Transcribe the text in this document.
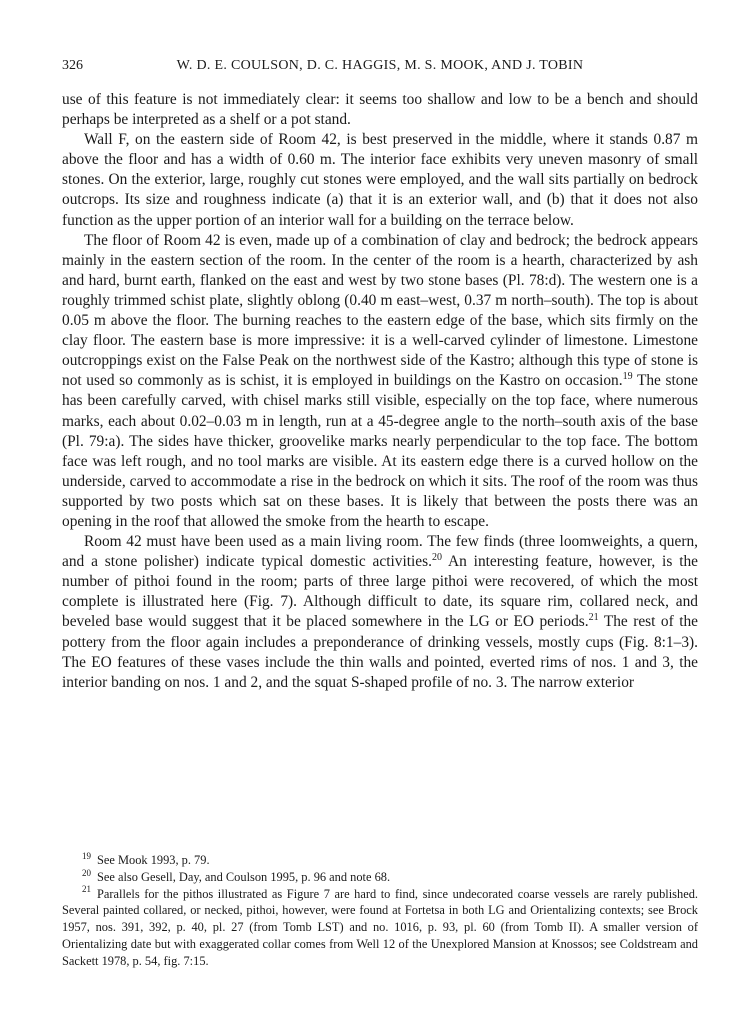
326	W. D. E. COULSON, D. C. HAGGIS, M. S. MOOK, AND J. TOBIN

use of this feature is not immediately clear: it seems too shallow and low to be a bench and should perhaps be interpreted as a shelf or a pot stand.

Wall F, on the eastern side of Room 42, is best preserved in the middle, where it stands 0.87 m above the floor and has a width of 0.60 m. The interior face exhibits very uneven masonry of small stones. On the exterior, large, roughly cut stones were employed, and the wall sits partially on bedrock outcrops. Its size and roughness indicate (a) that it is an exterior wall, and (b) that it does not also function as the upper portion of an interior wall for a building on the terrace below.

The floor of Room 42 is even, made up of a combination of clay and bedrock; the bedrock appears mainly in the eastern section of the room. In the center of the room is a hearth, characterized by ash and hard, burnt earth, flanked on the east and west by two stone bases (Pl. 78:d). The western one is a roughly trimmed schist plate, slightly oblong (0.40 m east–west, 0.37 m north–south). The top is about 0.05 m above the floor. The burning reaches to the eastern edge of the base, which sits firmly on the clay floor. The eastern base is more impressive: it is a well-carved cylinder of limestone. Limestone outcroppings exist on the False Peak on the northwest side of the Kastro; although this type of stone is not used so commonly as is schist, it is employed in buildings on the Kastro on occasion.$^{19}$ The stone has been carefully carved, with chisel marks still visible, especially on the top face, where numerous marks, each about 0.02–0.03 m in length, run at a 45-degree angle to the north–south axis of the base (Pl. 79:a). The sides have thicker, groovelike marks nearly perpendicular to the top face. The bottom face was left rough, and no tool marks are visible. At its eastern edge there is a curved hollow on the underside, carved to accommodate a rise in the bedrock on which it sits. The roof of the room was thus supported by two posts which sat on these bases. It is likely that between the posts there was an opening in the roof that allowed the smoke from the hearth to escape.

Room 42 must have been used as a main living room. The few finds (three loomweights, a quern, and a stone polisher) indicate typical domestic activities.$^{20}$ An interesting feature, however, is the number of pithoi found in the room; parts of three large pithoi were recovered, of which the most complete is illustrated here (Fig. 7). Although difficult to date, its square rim, collared neck, and beveled base would suggest that it be placed somewhere in the LG or EO periods.$^{21}$ The rest of the pottery from the floor again includes a preponderance of drinking vessels, mostly cups (Fig. 8:1–3). The EO features of these vases include the thin walls and pointed, everted rims of nos. 1 and 3, the interior banding on nos. 1 and 2, and the squat S-shaped profile of no. 3. The narrow exterior

$^{19}$ See Mook 1993, p. 79.

$^{20}$ See also Gesell, Day, and Coulson 1995, p. 96 and note 68.

$^{21}$ Parallels for the pithos illustrated as Figure 7 are hard to find, since undecorated coarse vessels are rarely published. Several painted collared, or necked, pithoi, however, were found at Fortetsa in both LG and Orientalizing contexts; see Brock 1957, nos. 391, 392, p. 40, pl. 27 (from Tomb LST) and no. 1016, p. 93, pl. 60 (from Tomb II). A smaller version of Orientalizing date but with exaggerated collar comes from Well 12 of the Unexplored Mansion at Knossos; see Coldstream and Sackett 1978, p. 54, fig. 7:15.
